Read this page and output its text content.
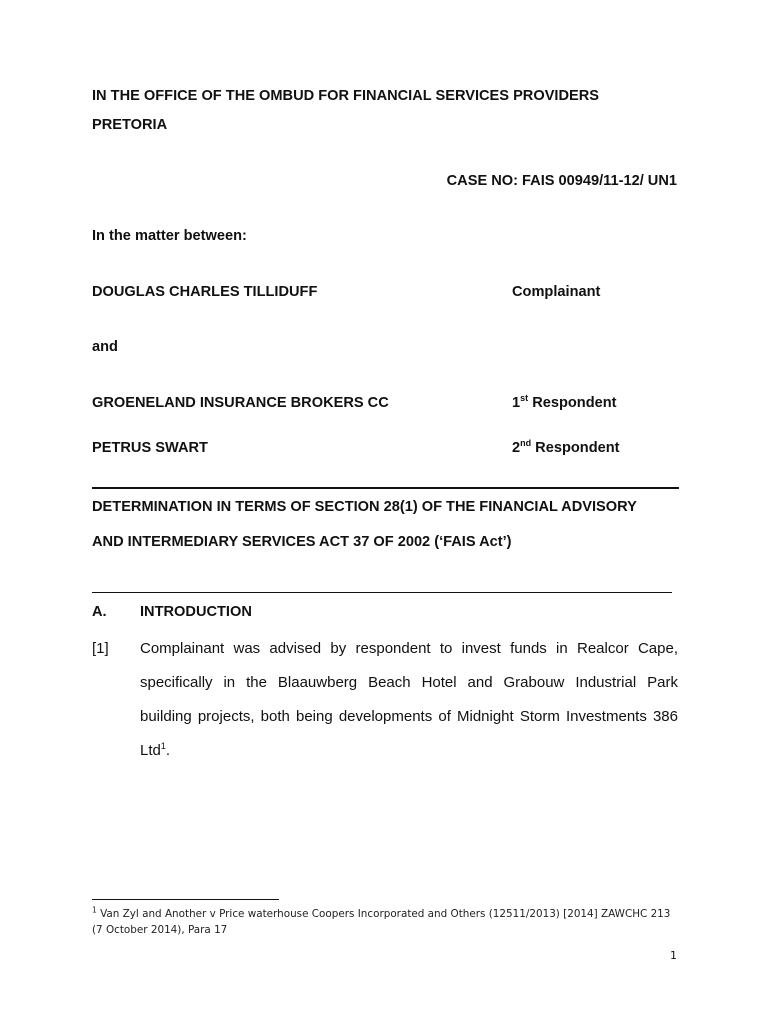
IN THE OFFICE OF THE OMBUD FOR FINANCIAL SERVICES PROVIDERS

PRETORIA

CASE NO: FAIS 00949/11-12/ UN1

In the matter between:

DOUGLAS CHARLES TILLIDUFF	Complainant

and

GROENELAND INSURANCE BROKERS CC	1st Respondent

PETRUS SWART	2nd Respondent

DETERMINATION IN TERMS OF SECTION 28(1) OF THE FINANCIAL ADVISORY

AND INTERMEDIARY SERVICES ACT 37 OF 2002 (‘FAIS Act’)

A. INTRODUCTION

[1] Complainant was advised by respondent to invest funds in Realcor Cape,

specifically in the Blaauwberg Beach Hotel and Grabouw Industrial Park

building projects, both being developments of Midnight Storm Investments 386

Ltd$^1$.

$^1$ Van Zyl and Another v Price waterhouse Coopers Incorporated and Others (12511/2013) [2014] ZAWCHC 213 (7 October 2014), Para 17

1
